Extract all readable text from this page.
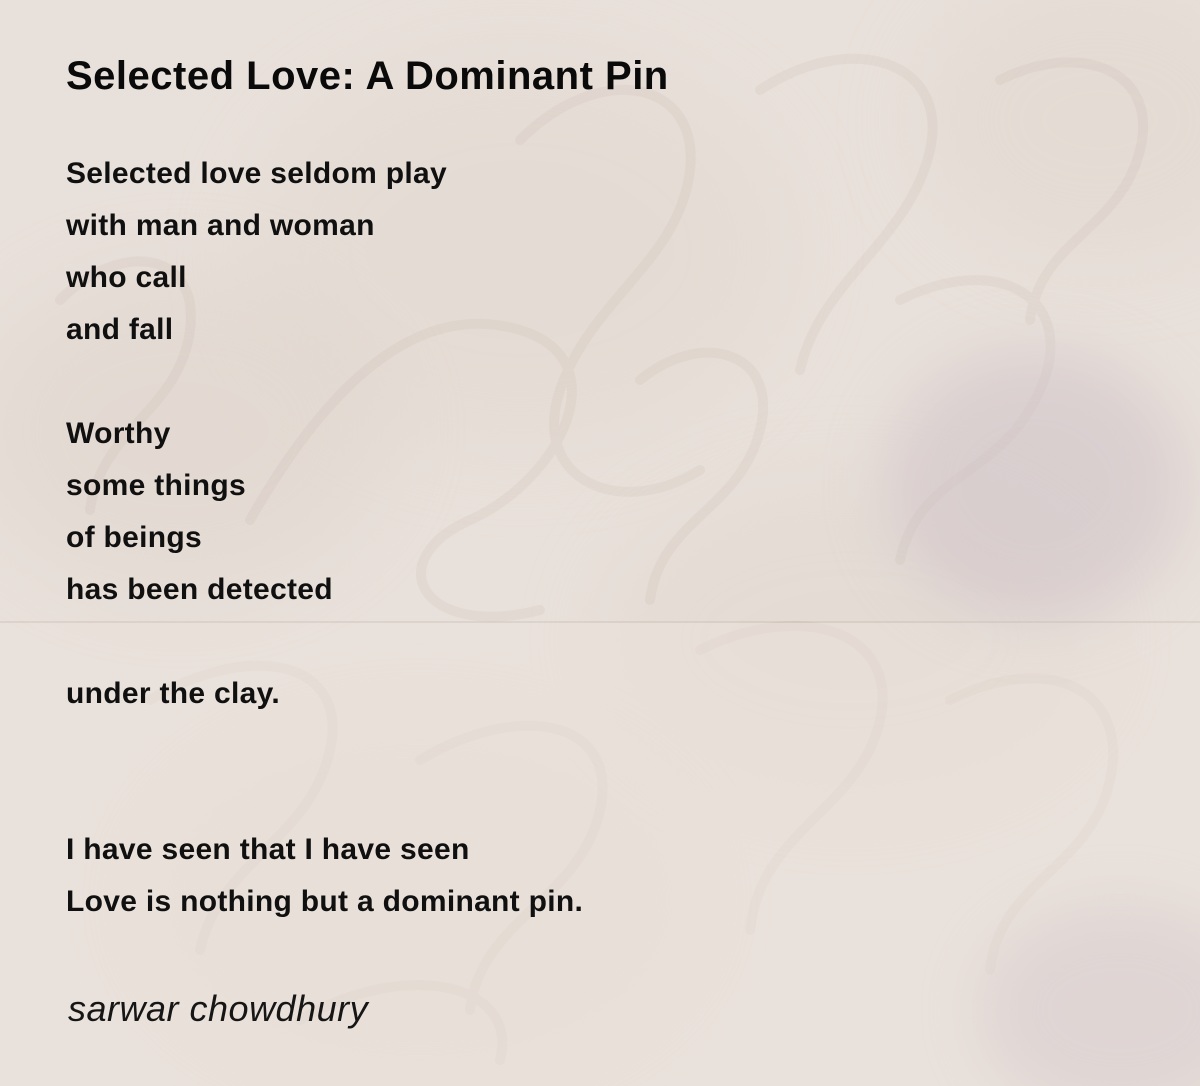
Selected Love: A Dominant Pin
Selected love seldom play
with man and woman
who call
and fall
Worthy
some things
of beings
has been detected
under the clay.
I have seen that I have seen
Love is nothing but a dominant pin.
sarwar chowdhury
